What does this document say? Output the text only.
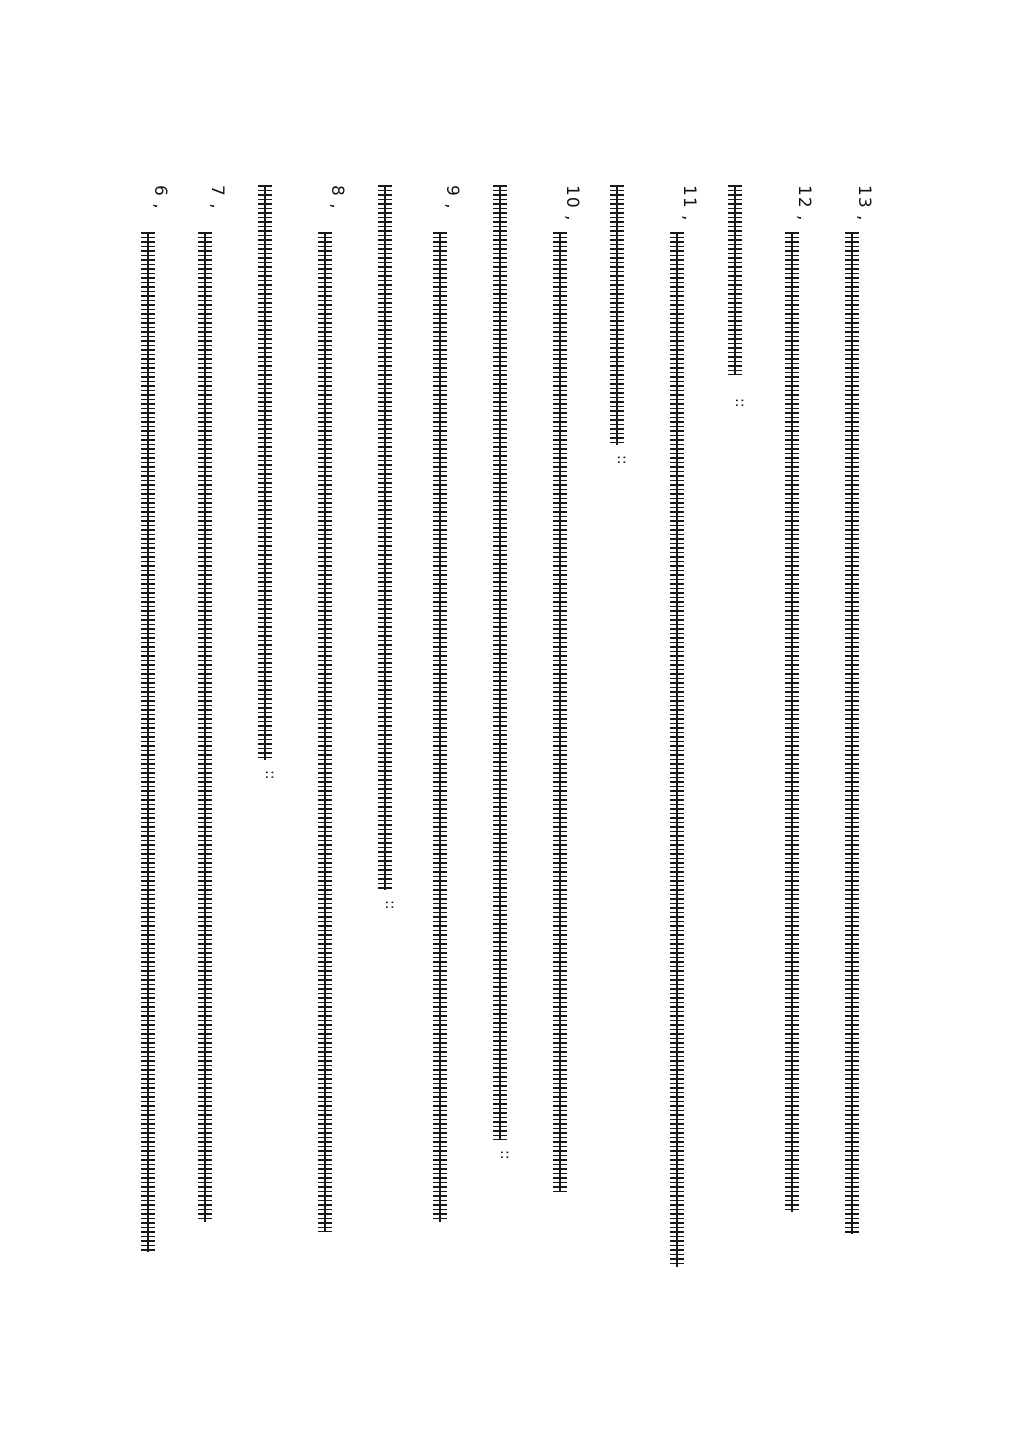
13 ,
12 ,
::
11 ,
::
10 ,
::
9 ,
::
8 ,
::
7 ,
6 ,
